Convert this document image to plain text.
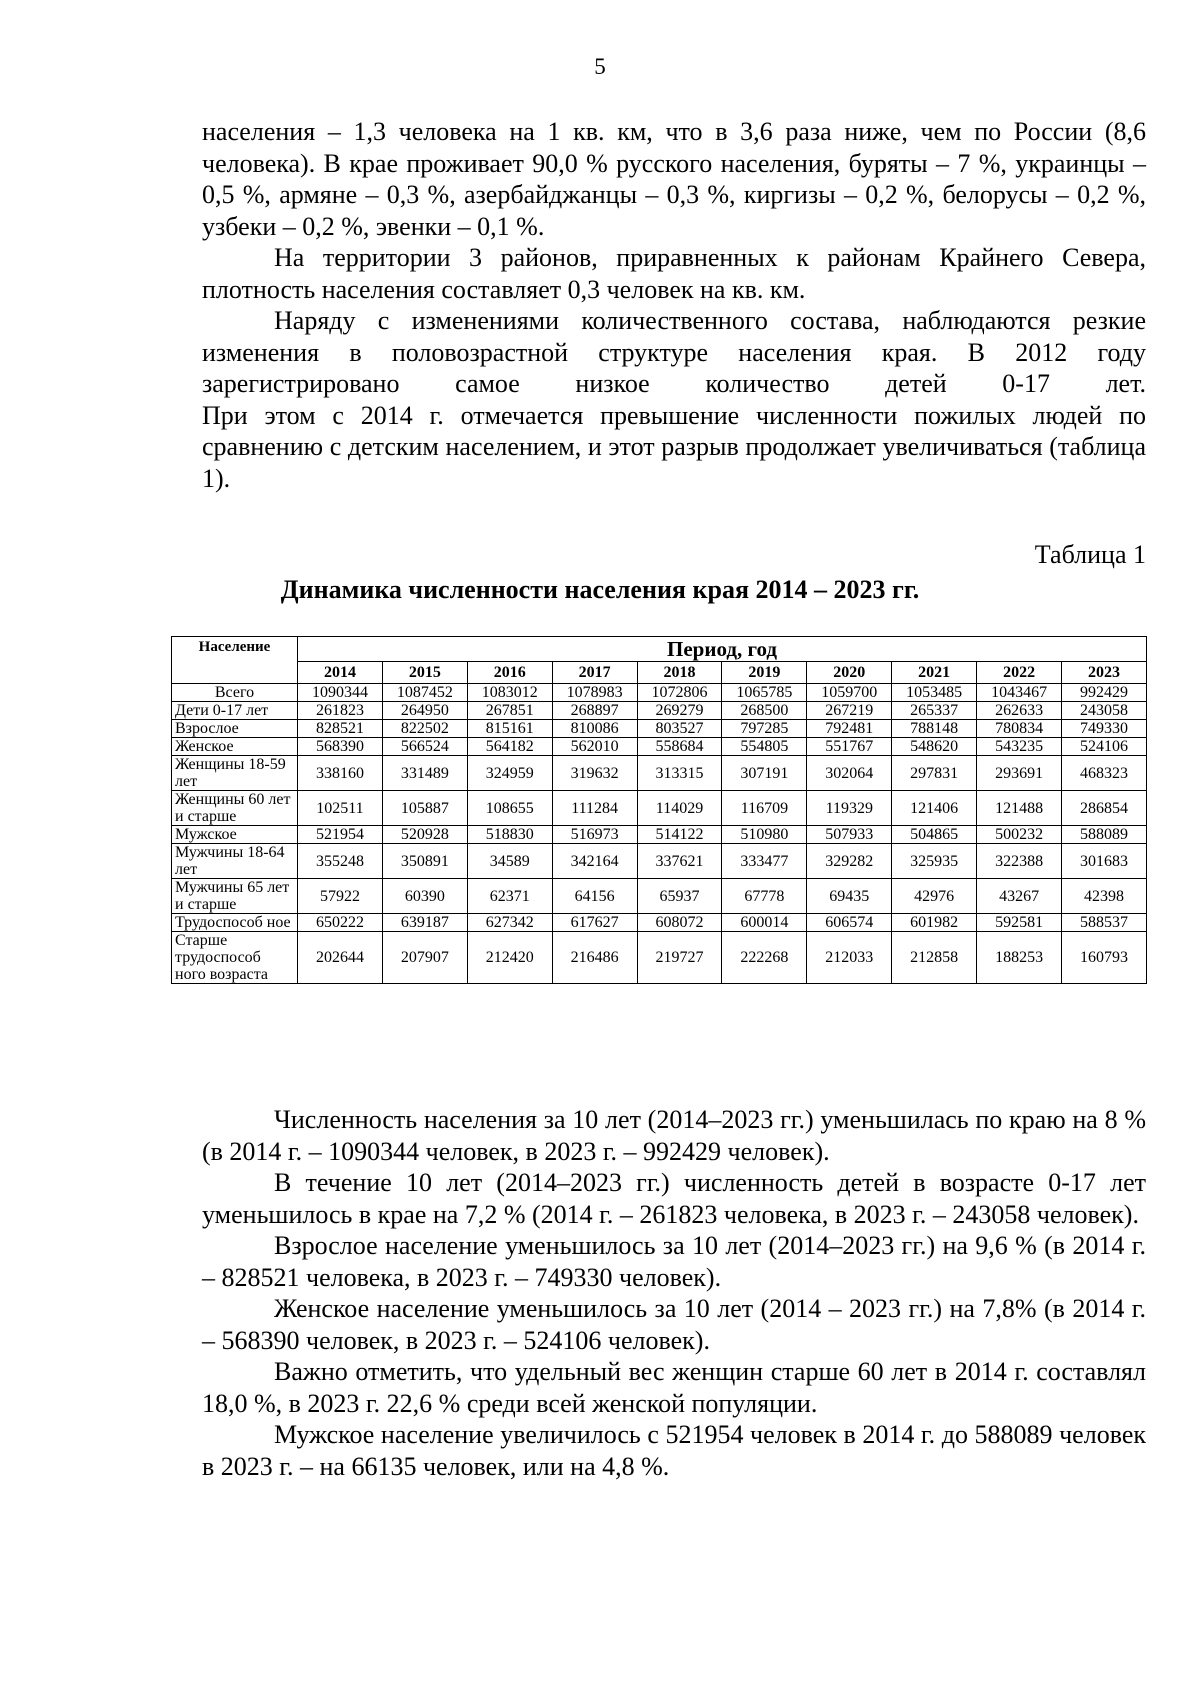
5

населения – 1,3 человека на 1 кв. км, что в 3,6 раза ниже, чем по России (8,6 человека). В крае проживает 90,0 % русского населения, буряты – 7 %, украинцы – 0,5 %, армяне – 0,3 %, азербайджанцы – 0,3 %, киргизы – 0,2 %, белорусы – 0,2 %, узбеки – 0,2 %, эвенки – 0,1 %.

На территории 3 районов, приравненных к районам Крайнего Севера, плотность населения составляет 0,3 человек на кв. км.

Наряду с изменениями количественного состава, наблюдаются резкие изменения в половозрастной структуре населения края. В 2012 году зарегистрировано самое низкое количество детей 0-17 лет.

При этом с 2014 г. отмечается превышение численности пожилых людей по сравнению с детским населением, и этот разрыв продолжает увеличиваться (таблица 1).

Таблица 1
Динамика численности населения края 2014 – 2023 гг.
Население	Период, год									
	2014	2015	2016	2017	2018	2019	2020	2021	2022	2023
Всего	1090344	1087452	1083012	1078983	1072806	1065785	1059700	1053485	1043467	992429
Дети 0-17 лет	261823	264950	267851	268897	269279	268500	267219	265337	262633	243058
Взрослое	828521	822502	815161	810086	803527	797285	792481	788148	780834	749330
Женское	568390	566524	564182	562010	558684	554805	551767	548620	543235	524106
Женщины 18-59 лет	338160	331489	324959	319632	313315	307191	302064	297831	293691	468323
Женщины 60 лет и старше	102511	105887	108655	111284	114029	116709	119329	121406	121488	286854
Мужское	521954	520928	518830	516973	514122	510980	507933	504865	500232	588089
Мужчины 18-64 лет	355248	350891	34589	342164	337621	333477	329282	325935	322388	301683
Мужчины 65 лет и старше	57922	60390	62371	64156	65937	67778	69435	42976	43267	42398
Трудоспособ ное	650222	639187	627342	617627	608072	600014	606574	601982	592581	588537
Старше трудоспособ ного возраста	202644	207907	212420	216486	219727	222268	212033	212858	188253	160793

Численность населения за 10 лет (2014–2023 гг.) уменьшилась по краю на 8 % (в 2014 г. – 1090344 человек, в 2023 г. – 992429 человек).

В течение 10 лет (2014–2023 гг.) численность детей в возрасте 0-17 лет уменьшилось в крае на 7,2 % (2014 г. – 261823 человека, в 2023 г. – 243058 человек).

Взрослое население уменьшилось за 10 лет (2014–2023 гг.) на 9,6 % (в 2014 г. – 828521 человека, в 2023 г. – 749330 человек).

Женское население уменьшилось за 10 лет (2014 – 2023 гг.) на 7,8% (в 2014 г. – 568390 человек, в 2023 г. – 524106 человек).

Важно отметить, что удельный вес женщин старше 60 лет в 2014 г. составлял 18,0 %, в 2023 г. 22,6 % среди всей женской популяции.

Мужское население увеличилось с 521954 человек в 2014 г. до 588089 человек в 2023 г. – на 66135 человек, или на 4,8 %.
